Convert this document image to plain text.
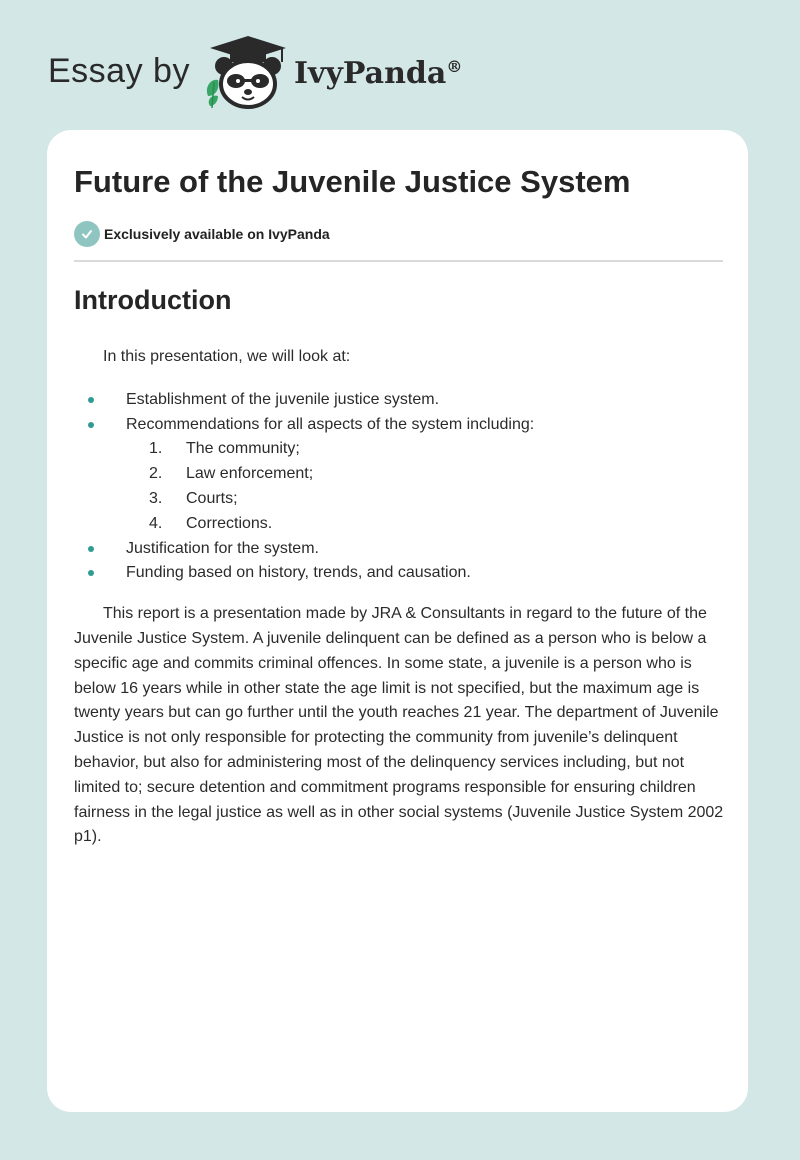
Essay by	IvyPanda®
Future of the Juvenile Justice System
Exclusively available on IvyPanda
Introduction

In this presentation, we will look at:

Establishment of the juvenile justice system.
Recommendations for all aspects of the system including:
1. The community;
2. Law enforcement;
3. Courts;
4. Corrections.
Justification for the system.
Funding based on history, trends, and causation.

This report is a presentation made by JRA & Consultants in regard to the future of the Juvenile Justice System. A juvenile delinquent can be defined as a person who is below a specific age and commits criminal offences. In some state, a juvenile is a person who is below 16 years while in other state the age limit is not specified, but the maximum age is twenty years but can go further until the youth reaches 21 year. The department of Juvenile Justice is not only responsible for protecting the community from juvenile’s delinquent behavior, but also for administering most of the delinquency services including, but not limited to; secure detention and commitment programs responsible for ensuring children fairness in the legal justice as well as in other social systems (Juvenile Justice System 2002 p1).
